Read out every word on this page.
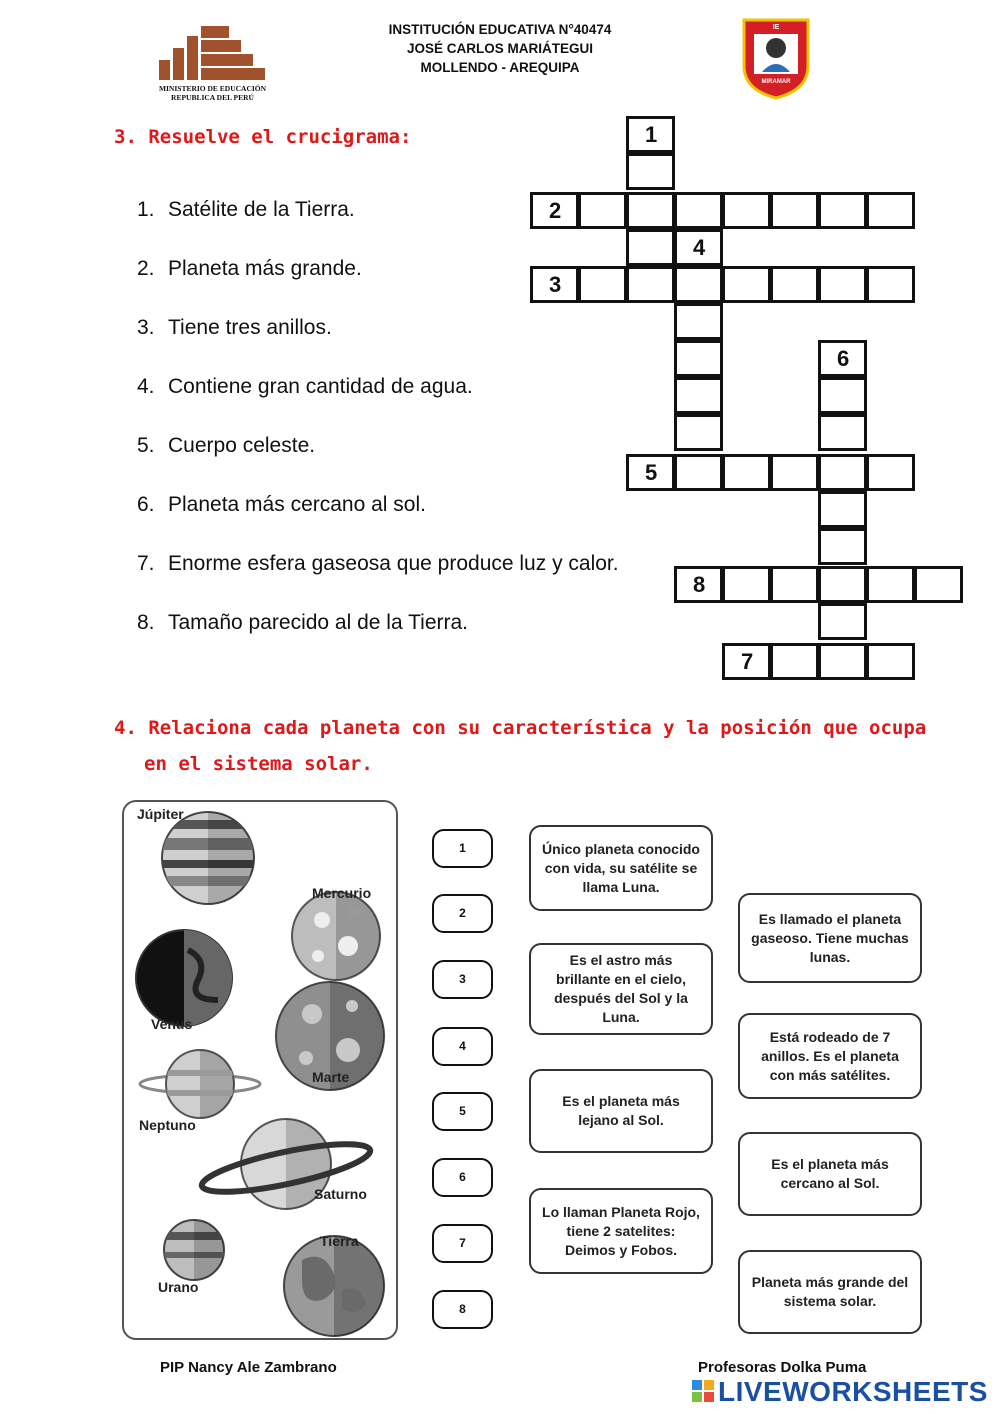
MINISTERIO DE EDUCACIÓN
REPUBLICA DEL PERÚ
INSTITUCIÓN EDUCATIVA N°40474
JOSÉ CARLOS MARIÁTEGUI
MOLLENDO - AREQUIPA
IE
MIRAMAR
3. Resuelve el crucigrama:
1. Satélite de la Tierra.
2. Planeta más grande.
3. Tiene tres anillos.
4. Contiene gran cantidad de agua.
5. Cuerpo celeste.
6. Planeta más cercano al sol.
7. Enorme esfera gaseosa que produce luz y calor.
8. Tamaño parecido al de la Tierra.
1
2
4
3
6
5
8
7
4. Relaciona cada planeta con su característica y la posición que ocupa
en el sistema solar.
Júpiter
Mercurio
Venus
Marte
Neptuno
Saturno
Tierra
Urano
1
2
3
4
5
6
7
8
Único planeta conocido con vida, su satélite se llama Luna.
Es el astro más brillante en el cielo, después del Sol y la Luna.
Es el planeta más lejano al Sol.
Lo llaman Planeta Rojo, tiene 2 satelites: Deimos y Fobos.
Es llamado el planeta gaseoso. Tiene muchas lunas.
Está rodeado de 7 anillos. Es el planeta con más satélites.
Es el planeta más cercano al Sol.
Planeta más grande del sistema solar.
PIP Nancy Ale Zambrano	Profesoras Dolka Puma
LIVEWORKSHEETS
